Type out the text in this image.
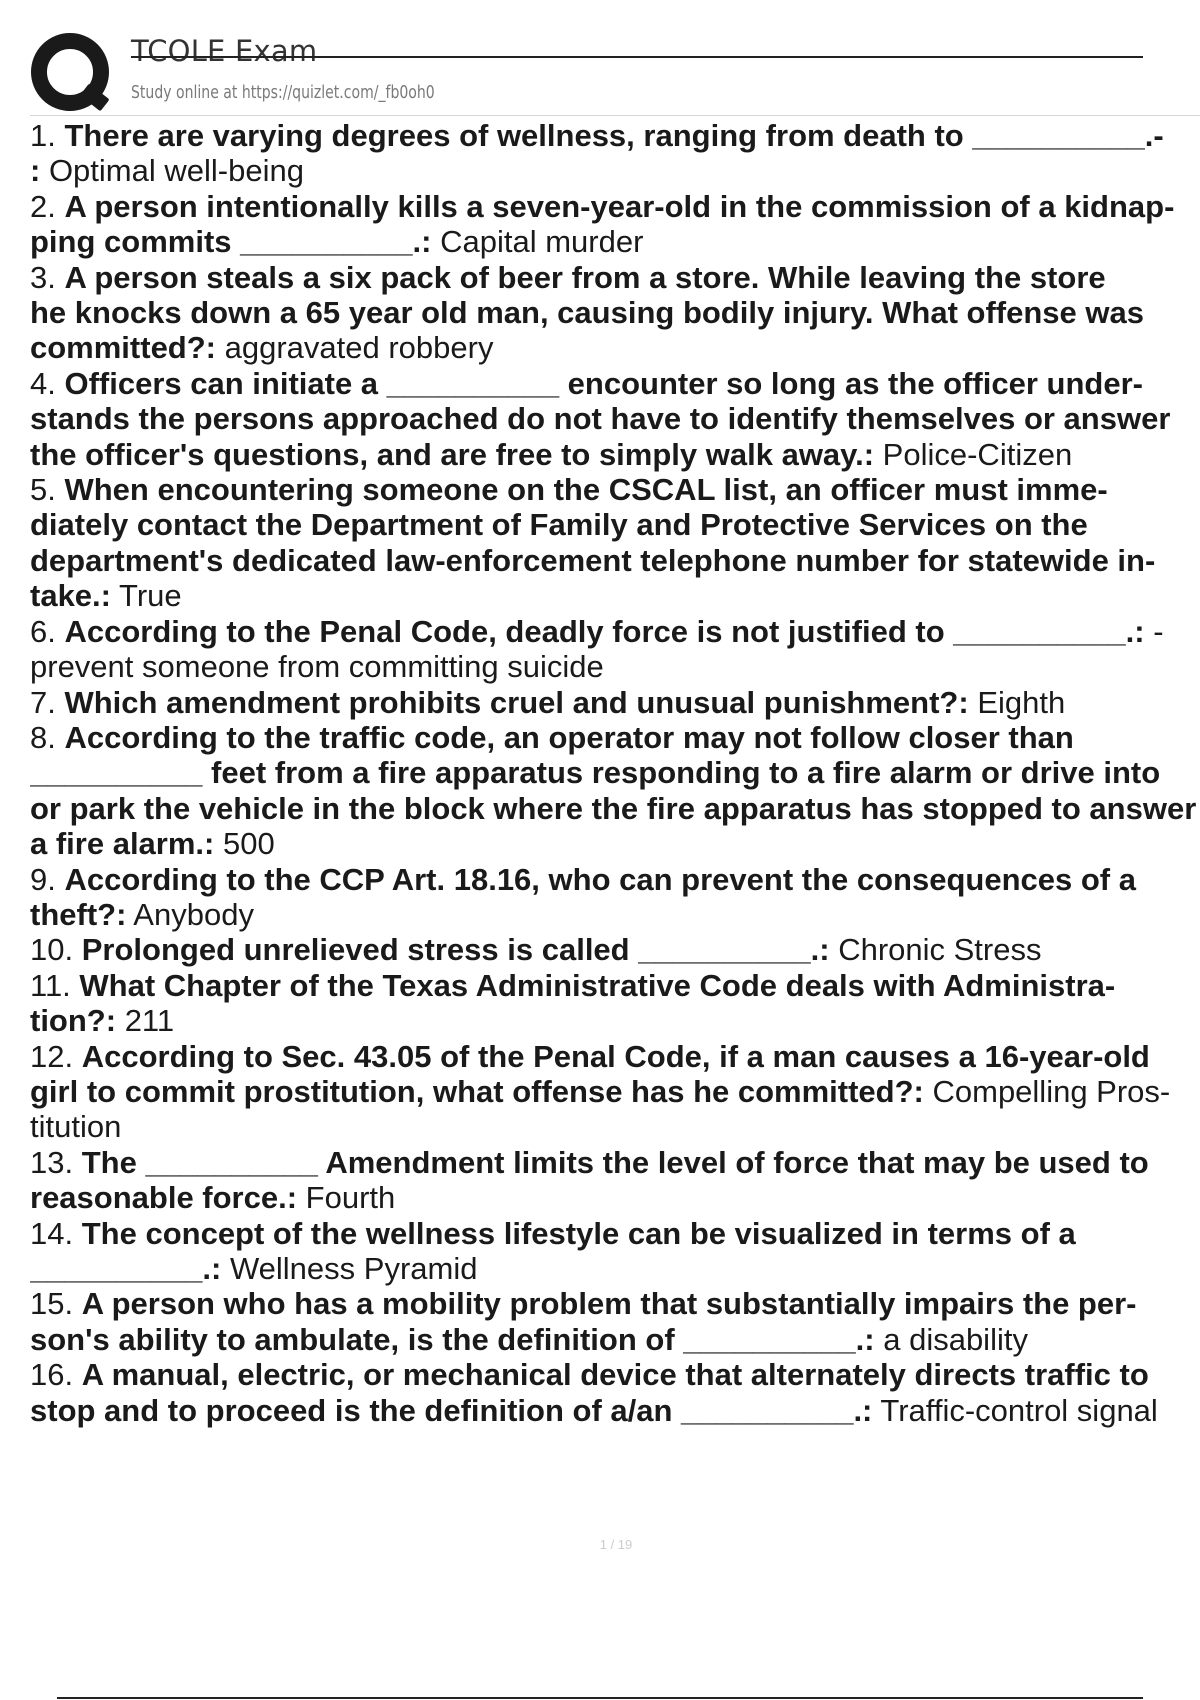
TCOLE Exam
Study online at https://quizlet.com/_fb0oh0
1. There are varying degrees of wellness, ranging from death to __________.-
: Optimal well-being
2. A person intentionally kills a seven-year-old in the commission of a kidnap-
ping commits __________.: Capital murder
3. A person steals a six pack of beer from a store. While leaving the store
he knocks down a 65 year old man, causing bodily injury. What offense was
committed?: aggravated robbery
4. Officers can initiate a __________ encounter so long as the officer under-
stands the persons approached do not have to identify themselves or answer
the officer's questions, and are free to simply walk away.: Police-Citizen
5. When encountering someone on the CSCAL list, an officer must imme-
diately contact the Department of Family and Protective Services on the
department's dedicated law-enforcement telephone number for statewide in-
take.: True
6. According to the Penal Code, deadly force is not justified to __________.: -
prevent someone from committing suicide
7. Which amendment prohibits cruel and unusual punishment?: Eighth
8. According to the traffic code, an operator may not follow closer than
__________ feet from a fire apparatus responding to a fire alarm or drive into
or park the vehicle in the block where the fire apparatus has stopped to answer
a fire alarm.: 500
9. According to the CCP Art. 18.16, who can prevent the consequences of a
theft?: Anybody
10. Prolonged unrelieved stress is called __________.: Chronic Stress
11. What Chapter of the Texas Administrative Code deals with Administra-
tion?: 211
12. According to Sec. 43.05 of the Penal Code, if a man causes a 16-year-old
girl to commit prostitution, what offense has he committed?: Compelling Pros-
titution
13. The __________ Amendment limits the level of force that may be used to
reasonable force.: Fourth
14. The concept of the wellness lifestyle can be visualized in terms of a
__________.: Wellness Pyramid
15. A person who has a mobility problem that substantially impairs the per-
son's ability to ambulate, is the definition of __________.: a disability
16. A manual, electric, or mechanical device that alternately directs traffic to
stop and to proceed is the definition of a/an __________.: Traffic-control signal
1 / 19
